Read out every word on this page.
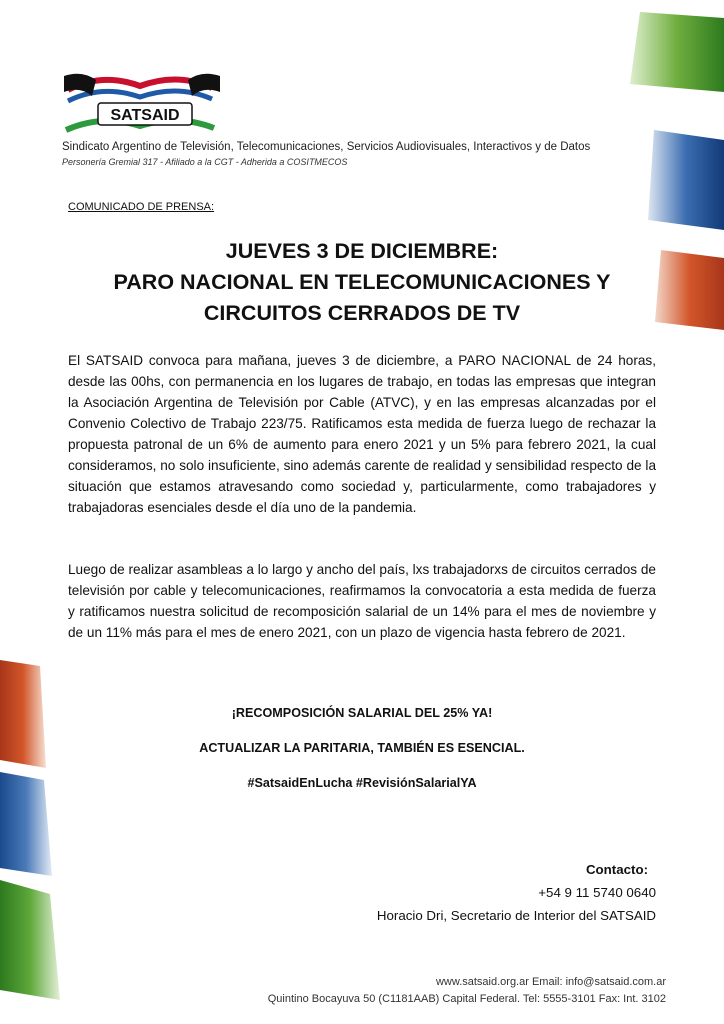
SATSAID
Sindicato Argentino de Televisión, Telecomunicaciones, Servicios Audiovisuales, Interactivos y de Datos
Personería Gremial 317 - Afiliado a la CGT - Adherida a COSITMECOS
COMUNICADO DE PRENSA:
JUEVES 3 DE DICIEMBRE:
PARO NACIONAL EN TELECOMUNICACIONES Y
CIRCUITOS CERRADOS DE TV
El SATSAID convoca para mañana, jueves 3 de diciembre, a PARO NACIONAL de 24 horas, desde las 00hs, con permanencia en los lugares de trabajo, en todas las empresas que integran la Asociación Argentina de Televisión por Cable (ATVC), y en las empresas alcanzadas por el Convenio Colectivo de Trabajo 223/75. Ratificamos esta medida de fuerza luego de rechazar la propuesta patronal de un 6% de aumento para enero 2021 y un 5% para febrero 2021, la cual consideramos, no solo insuficiente, sino además carente de realidad y sensibilidad respecto de la situación que estamos atravesando como sociedad y, particularmente, como trabajadores y trabajadoras esenciales desde el día uno de la pandemia.
Luego de realizar asambleas a lo largo y ancho del país, lxs trabajadorxs de circuitos cerrados de televisión por cable y telecomunicaciones, reafirmamos la convocatoria a esta medida de fuerza y ratificamos nuestra solicitud de recomposición salarial de un 14% para el mes de noviembre y de un 11% más para el mes de enero 2021, con un plazo de vigencia hasta febrero de 2021.
¡RECOMPOSICIÓN SALARIAL DEL 25% YA!
ACTUALIZAR LA PARITARIA, TAMBIÉN ES ESENCIAL.
#SatsaidEnLucha #RevisiónSalarialYA
Contacto:
+54 9 11 5740 0640
Horacio Dri, Secretario de Interior del SATSAID
www.satsaid.org.ar Email: info@satsaid.com.ar
Quintino Bocayuva 50 (C1181AAB) Capital Federal. Tel: 5555-3101 Fax: Int. 3102
